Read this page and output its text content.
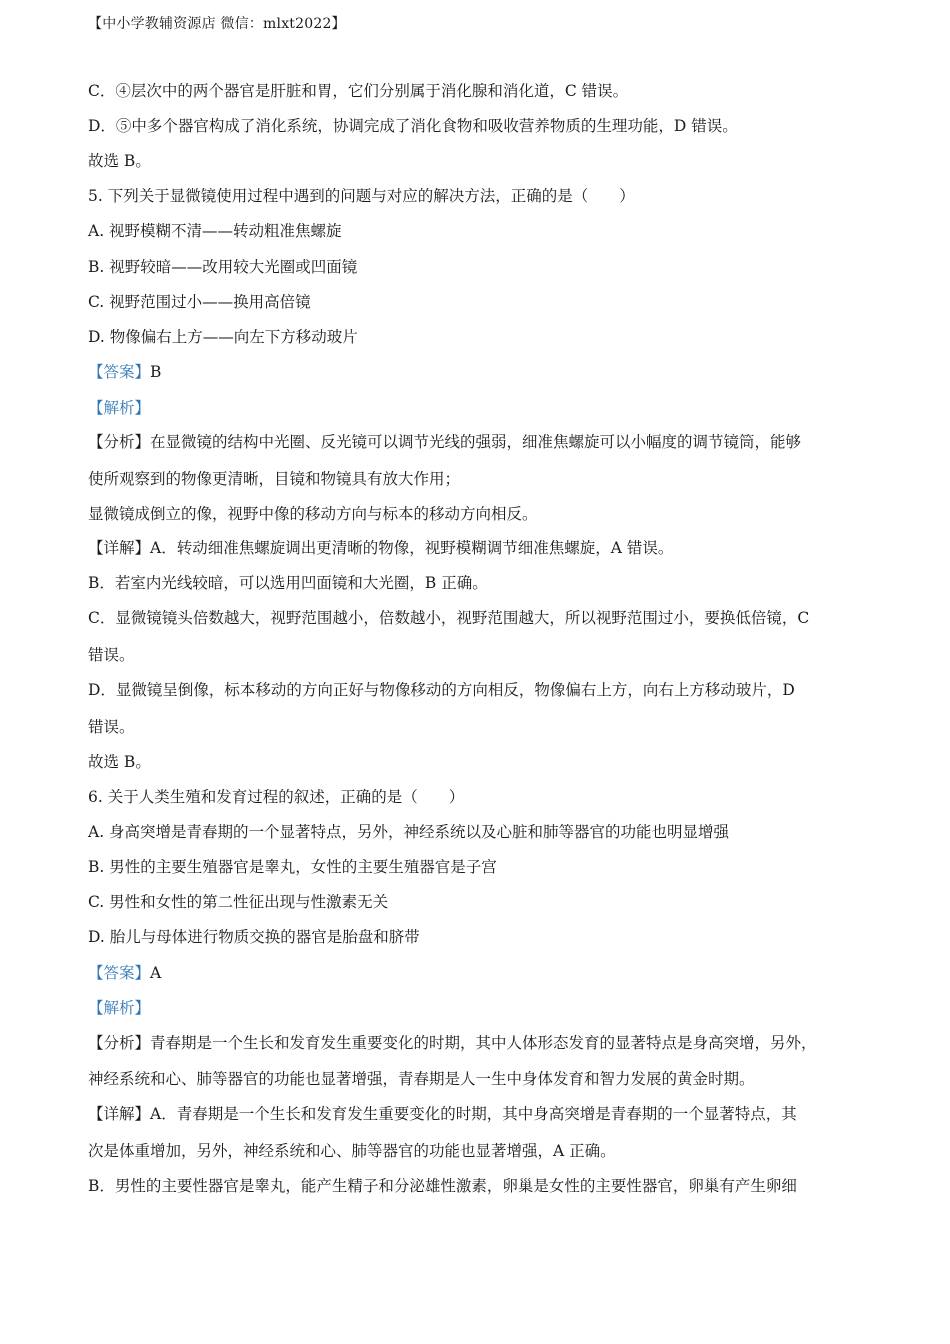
【中小学教辅资源店 微信：mlxt2022】
C．④层次中的两个器官是肝脏和胃，它们分别属于消化腺和消化道，C 错误。
D．⑤中多个器官构成了消化系统，协调完成了消化食物和吸收营养物质的生理功能，D 错误。
故选 B。
5. 下列关于显微镜使用过程中遇到的问题与对应的解决方法，正确的是（　　）
A. 视野模糊不清——转动粗准焦螺旋
B. 视野较暗——改用较大光圈或凹面镜
C. 视野范围过小——换用高倍镜
D. 物像偏右上方——向左下方移动玻片
【答案】B
【解析】
【分析】在显微镜的结构中光圈、反光镜可以调节光线的强弱，细准焦螺旋可以小幅度的调节镜筒，能够
使所观察到的物像更清晰，目镜和物镜具有放大作用；
显微镜成倒立的像，视野中像的移动方向与标本的移动方向相反。
【详解】A．转动细准焦螺旋调出更清晰的物像，视野模糊调节细准焦螺旋，A 错误。
B．若室内光线较暗，可以选用凹面镜和大光圈，B 正确。
C．显微镜镜头倍数越大，视野范围越小，倍数越小，视野范围越大，所以视野范围过小，要换低倍镜，C
错误。
D．显微镜呈倒像，标本移动的方向正好与物像移动的方向相反，物像偏右上方，向右上方移动玻片，D
错误。
故选 B。
6. 关于人类生殖和发育过程的叙述，正确的是（　　）
A. 身高突增是青春期的一个显著特点，另外，神经系统以及心脏和肺等器官的功能也明显增强
B. 男性的主要生殖器官是睾丸，女性的主要生殖器官是子宫
C. 男性和女性的第二性征出现与性激素无关
D. 胎儿与母体进行物质交换的器官是胎盘和脐带
【答案】A
【解析】
【分析】青春期是一个生长和发育发生重要变化的时期，其中人体形态发育的显著特点是身高突增，另外，
神经系统和心、肺等器官的功能也显著增强，青春期是人一生中身体发育和智力发展的黄金时期。
【详解】A．青春期是一个生长和发育发生重要变化的时期，其中身高突增是青春期的一个显著特点，其
次是体重增加，另外，神经系统和心、肺等器官的功能也显著增强，A 正确。
B．男性的主要性器官是睾丸，能产生精子和分泌雄性激素，卵巢是女性的主要性器官，卵巢有产生卵细
